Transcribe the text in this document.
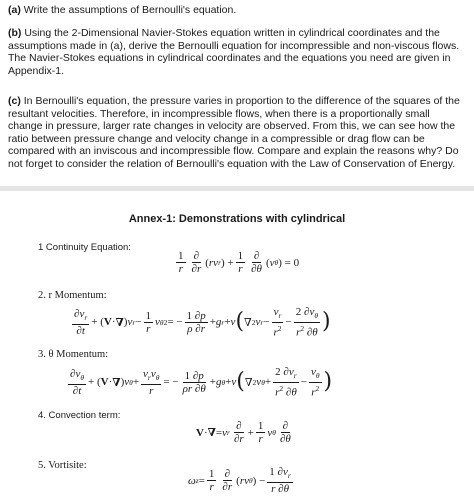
(a) Write the assumptions of Bernoulli's equation.
(b) Using the 2-Dimensional Navier-Stokes equation written in cylindrical coordinates and the assumptions made in (a), derive the Bernoulli equation for incompressible and non-viscous flows. The Navier-Stokes equations in cylindrical coordinates and the equations you need are given in Appendix-1.
(c) In Bernoulli's equation, the pressure varies in proportion to the difference of the squares of the resultant velocities. Therefore, in incompressible flows, when there is a proportionally small change in pressure, larger rate changes in velocity are observed. From this, we can see how the ratio between pressure change and velocity change in a compressible or drag flow can be compared with an inviscous and incompressible flow. Compare and explain the reasons why? Do not forget to consider the relation of Bernoulli's equation with the Law of Conservation of Energy.
Annex-1: Demonstrations with cylindrical
1 Continuity Equation:
$\frac{1}{r} \frac{\partial}{\partial r}$ ( rv r ) + $\frac{1}{r} \frac{\partial}{\partial\theta}$ ( v θ ) = 0
2. r Momentum:
$\frac{\partial v_r}{\partial t}$ + ( V · ∇ ) v $r - \frac{1}{r}$ v θ 2 = − $\frac{1 \partial p}{\rho \partial r} + g$ r + ν ( ∇ 2 v $r - \frac{v_r}{r^2} - \frac{2 \partial v_\theta}{r^2 \partial\theta}$ )
3. θ Momentum:
$\frac{\partial v_\theta}{\partial t}$ + ( V · ∇ ) v $\theta + \frac{v_rv_\theta}{r}$ = − $\frac{1 \partial p}{\rho r \partial\theta} + g$ θ + ν ( ∇ 2 v $\theta + \frac{2 \partial v_r}{r^2 \partial\theta} - \frac{v_\theta}{r^2}$ )
4. Convection term:
V · ∇ = v r $\frac{\partial}{\partial r} + \frac{1}{r}$ v θ $\frac{\partial}{\partial\theta}$
5. Vortisite:
ω $z = \frac{1}{r} \frac{\partial}{\partial r}$ ( rv θ ) − $\frac{1 \partial v_r}{r \partial\theta}$
